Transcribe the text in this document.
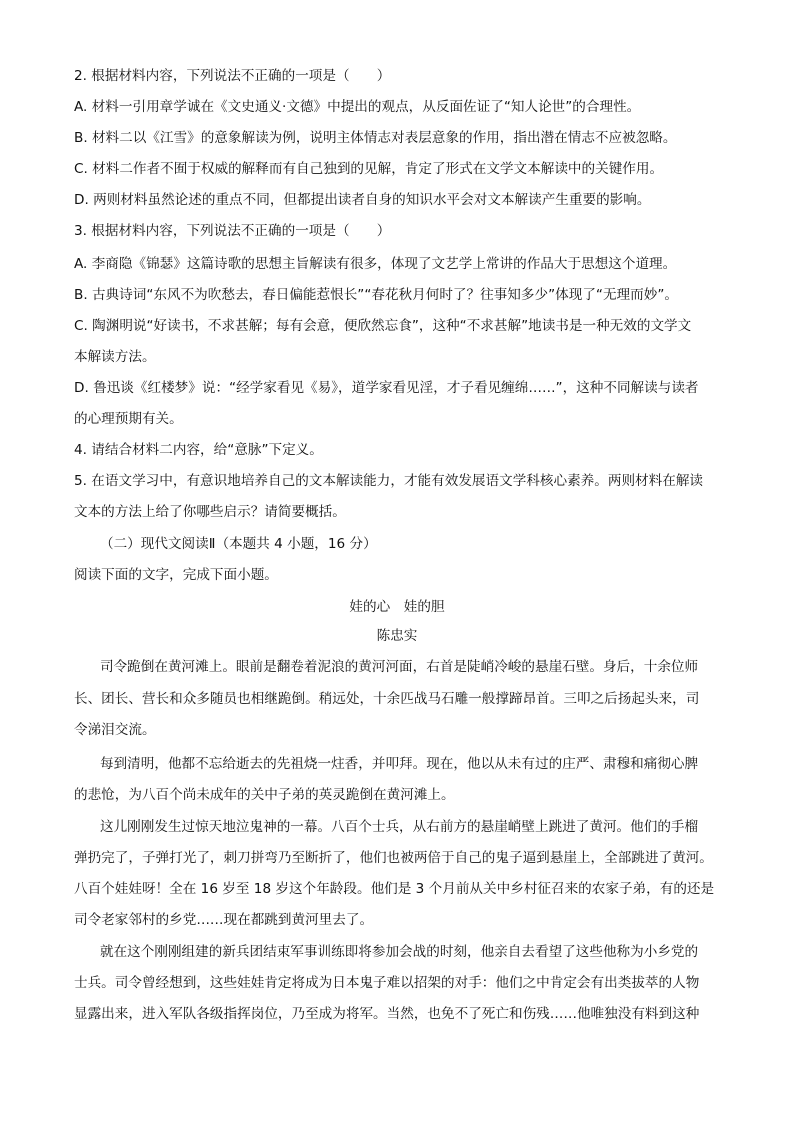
2. 根据材料内容，下列说法不正确的一项是（　　）
A. 材料一引用章学诚在《文史通义·文德》中提出的观点，从反面佐证了“知人论世”的合理性。
B. 材料二以《江雪》的意象解读为例，说明主体情志对表层意象的作用，指出潜在情志不应被忽略。
C. 材料二作者不囿于权威的解释而有自己独到的见解，肯定了形式在文学文本解读中的关键作用。
D. 两则材料虽然论述的重点不同，但都提出读者自身的知识水平会对文本解读产生重要的影响。
3. 根据材料内容，下列说法不正确的一项是（　　）
A. 李商隐《锦瑟》这篇诗歌的思想主旨解读有很多，体现了文艺学上常讲的作品大于思想这个道理。
B. 古典诗词“东风不为吹愁去，春日偏能惹恨长”“春花秋月何时了？往事知多少”体现了“无理而妙”。
C. 陶渊明说“好读书，不求甚解；每有会意，便欣然忘食”，这种“不求甚解”地读书是一种无效的文学文
本解读方法。
D. 鲁迅谈《红楼梦》说：“经学家看见《易》，道学家看见淫，才子看见缠绵……”，这种不同解读与读者
的心理预期有关。
4. 请结合材料二内容，给“意脉”下定义。
5. 在语文学习中，有意识地培养自己的文本解读能力，才能有效发展语文学科核心素养。两则材料在解读
文本的方法上给了你哪些启示？请简要概括。
（二）现代文阅读Ⅱ（本题共 4 小题，16 分）
阅读下面的文字，完成下面小题。
娃的心　娃的胆
陈忠实
司令跪倒在黄河滩上。眼前是翻卷着泥浪的黄河河面，右首是陡峭冷峻的悬崖石壁。身后，十余位师
长、团长、营长和众多随员也相继跪倒。稍远处，十余匹战马石雕一般撑蹄昂首。三叩之后扬起头来，司
令涕泪交流。
每到清明，他都不忘给逝去的先祖烧一炷香，并叩拜。现在，他以从未有过的庄严、肃穆和痛彻心脾
的悲怆，为八百个尚未成年的关中子弟的英灵跪倒在黄河滩上。
这儿刚刚发生过惊天地泣鬼神的一幕。八百个士兵，从右前方的悬崖峭壁上跳进了黄河。他们的手榴
弹扔完了，子弹打光了，刺刀拼弯乃至断折了，他们也被两倍于自己的鬼子逼到悬崖上，全部跳进了黄河。
八百个娃娃呀！全在 16 岁至 18 岁这个年龄段。他们是 3 个月前从关中乡村征召来的农家子弟，有的还是
司令老家邻村的乡党……现在都跳到黄河里去了。
就在这个刚刚组建的新兵团结束军事训练即将参加会战的时刻，他亲自去看望了这些他称为小乡党的
士兵。司令曾经想到，这些娃娃肯定将成为日本鬼子难以招架的对手：他们之中肯定会有出类拔萃的人物
显露出来，进入军队各级指挥岗位，乃至成为将军。当然，也免不了死亡和伤残……他唯独没有料到这种
